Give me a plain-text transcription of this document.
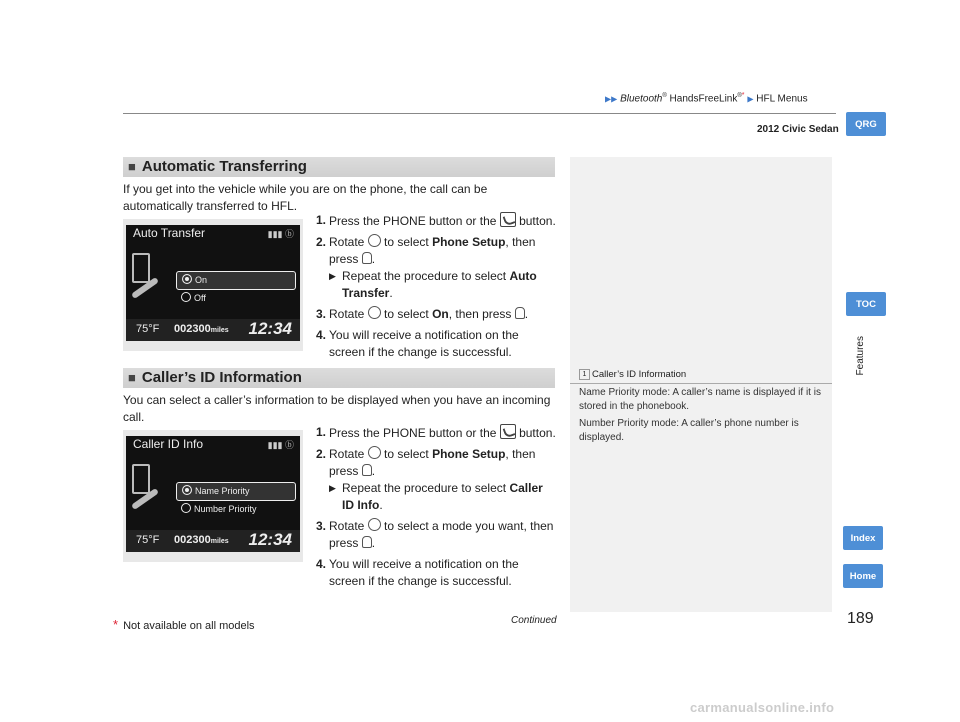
▶▶ Bluetooth® HandsFreeLink®* ▶ HFL Menus
2012 Civic Sedan	QRG
TOC
Features
Index
Home
1 Caller’s ID Information
Name Priority mode: A caller’s name is displayed if it is stored in the phonebook.
Number Priority mode: A caller’s phone number is displayed.
■ Automatic Transferring
If you get into the vehicle while you are on the phone, the call can be automatically transferred to HFL.
Auto Transfer	▮▮▮ ⓑ
On
Off
75°F 002300miles 12:34
1. Press the PHONE button or the  button.
2. Rotate  to select Phone Setup, then press .
▶ Repeat the procedure to select Auto Transfer.
3. Rotate  to select On, then press .
4. You will receive a notification on the screen if the change is successful.
■ Caller’s ID Information
You can select a caller’s information to be displayed when you have an incoming call.
Caller ID Info	▮▮▮ ⓑ
Name Priority
Number Priority
75°F 002300miles 12:34
1. Press the PHONE button or the  button.
2. Rotate  to select Phone Setup, then press .
▶ Repeat the procedure to select Caller ID Info.
3. Rotate  to select a mode you want, then press .
4. You will receive a notification on the screen if the change is successful.
* Not available on all models	Continued	189
carmanualsonline.info
